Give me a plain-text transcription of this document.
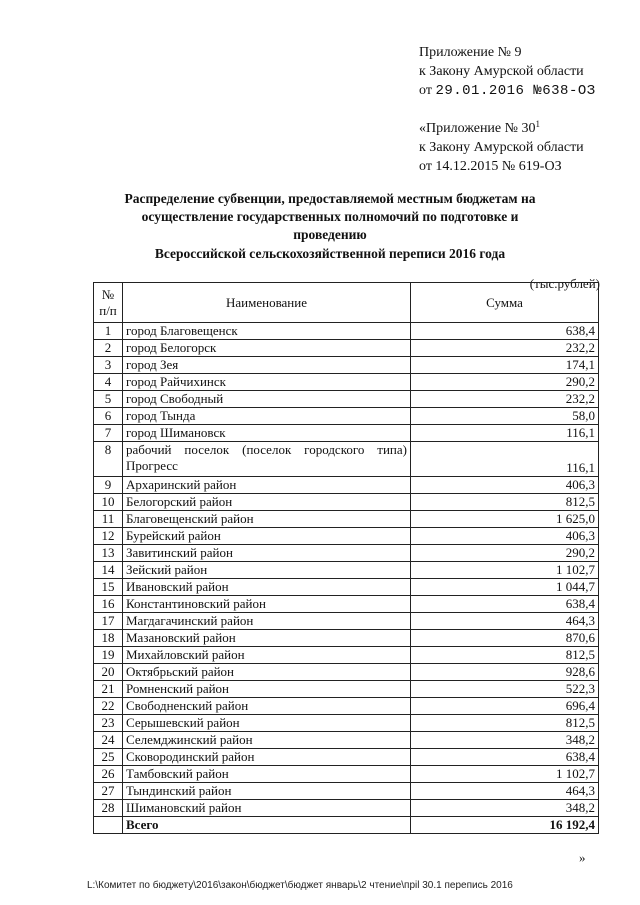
Приложение № 9
к Закону Амурской области
от 29.01.2016 №638-ОЗ
«Приложение № $30^1$
к Закону Амурской области
от 14.12.2015 № 619-ОЗ
Распределение субвенции, предоставляемой местным бюджетам на
осуществление государственных полномочий по подготовке и проведению
Всероссийской сельскохозяйственной переписи 2016 года
(тыс.рублей)
№ п/п	Наименование	Сумма
1	город Благовещенск	638,4
2	город Белогорск	232,2
3	город Зея	174,1
4	город Райчихинск	290,2
5	город Свободный	232,2
6	город Тында	58,0
7	город Шимановск	116,1
8	рабочий поселок (поселок городского типа) Прогресс	116,1
9	Архаринский район	406,3
10	Белогорский район	812,5
11	Благовещенский район	1 625,0
12	Бурейский район	406,3
13	Завитинский район	290,2
14	Зейский район	1 102,7
15	Ивановский район	1 044,7
16	Константиновский район	638,4
17	Магдагачинский район	464,3
18	Мазановский район	870,6
19	Михайловский район	812,5
20	Октябрьский район	928,6
21	Ромненский район	522,3
22	Свободненский район	696,4
23	Серышевский район	812,5
24	Селемджинский район	348,2
25	Сковородинский район	638,4
26	Тамбовский район	1 102,7
27	Тындинский район	464,3
28	Шимановский район	348,2
	Всего	16 192,4
»
L:\Комитет по бюджету\2016\закон\бюджет\бюджет январь\2 чтение\прil 30.1 перепись 2016
